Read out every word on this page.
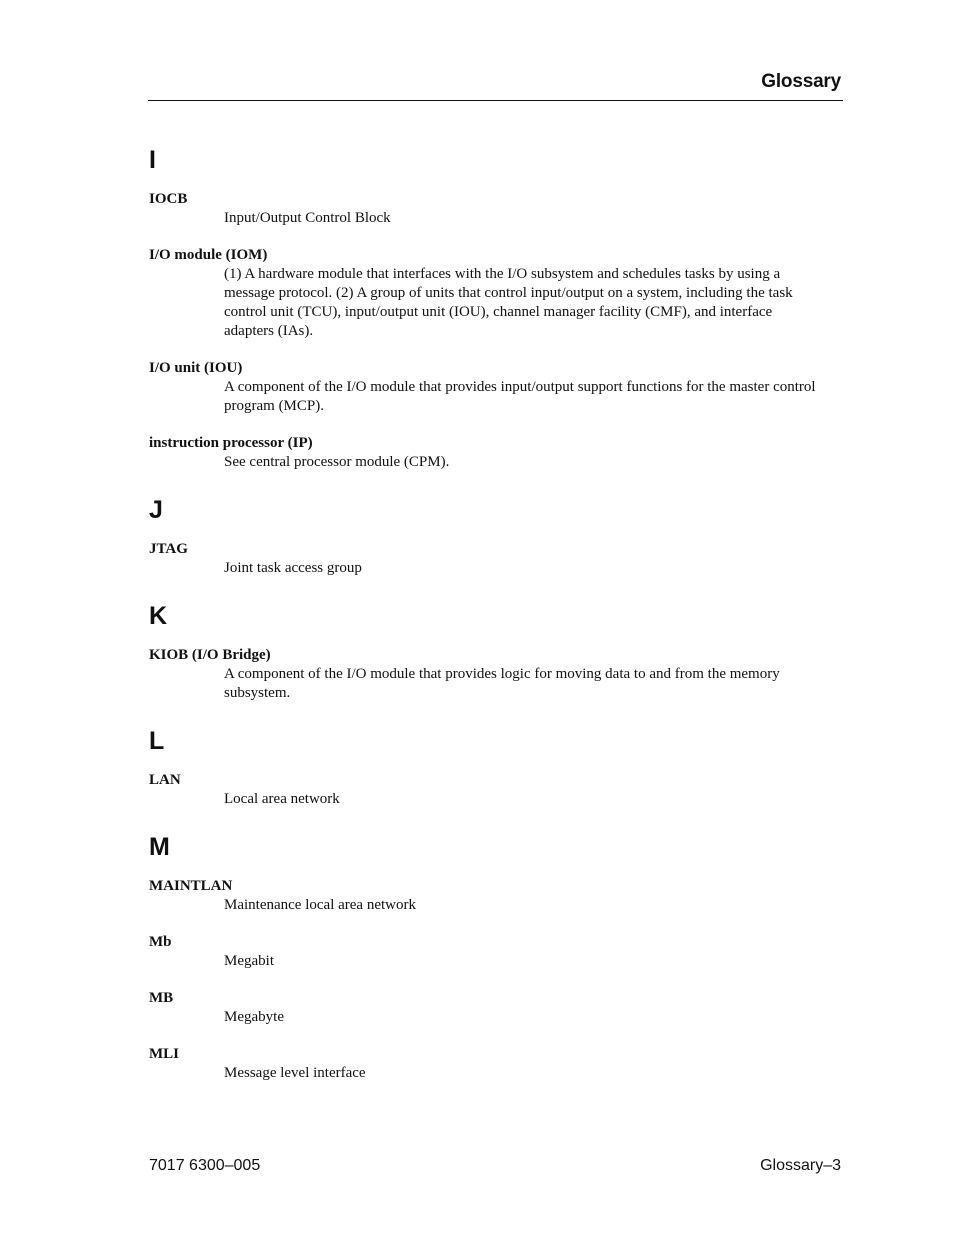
Glossary
I
IOCB
Input/Output Control Block
I/O module (IOM)
(1) A hardware module that interfaces with the I/O subsystem and schedules tasks by using a message protocol. (2) A group of units that control input/output on a system, including the task control unit (TCU), input/output unit (IOU), channel manager facility (CMF), and interface adapters (IAs).
I/O unit (IOU)
A component of the I/O module that provides input/output support functions for the master control program (MCP).
instruction processor (IP)
See central processor module (CPM).
J
JTAG
Joint task access group
K
KIOB (I/O Bridge)
A component of the I/O module that provides logic for moving data to and from the memory subsystem.
L
LAN
Local area network
M
MAINTLAN
Maintenance local area network
Mb
Megabit
MB
Megabyte
MLI
Message level interface
7017 6300–005	Glossary–3
